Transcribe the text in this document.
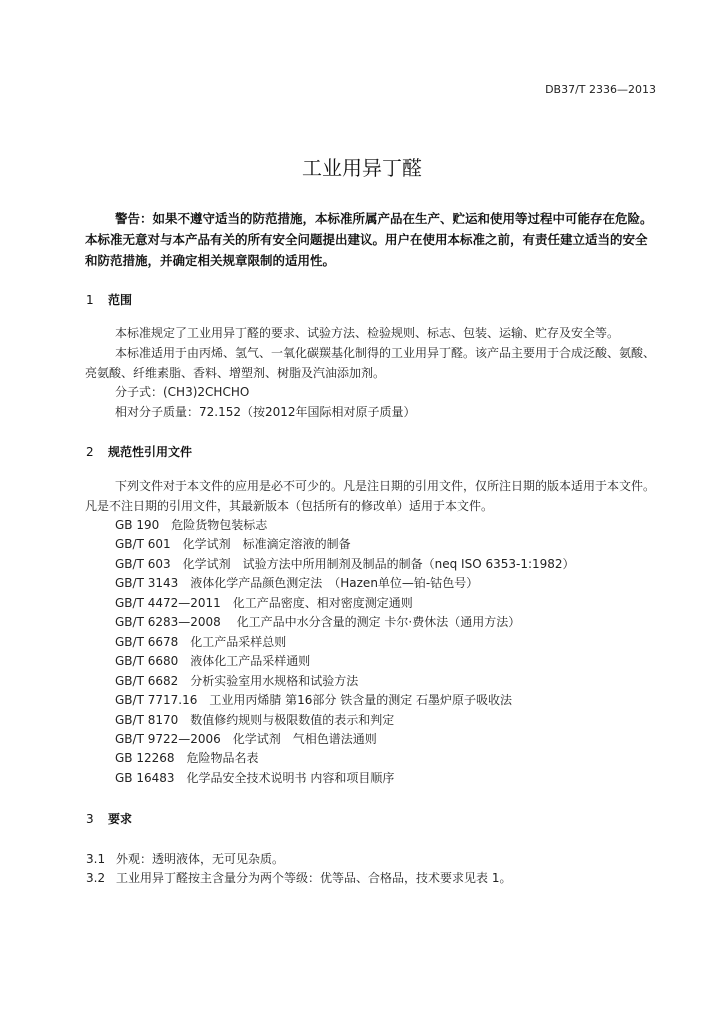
DB37/T 2336—2013
工业用异丁醛
警告：如果不遵守适当的防范措施，本标准所属产品在生产、贮运和使用等过程中可能存在危险。本标准无意对与本产品有关的所有安全问题提出建议。用户在使用本标准之前，有责任建立适当的安全和防范措施，并确定相关规章限制的适用性。
1 范围
本标准规定了工业用异丁醛的要求、试验方法、检验规则、标志、包装、运输、贮存及安全等。
本标准适用于由丙烯、氢气、一氧化碳羰基化制得的工业用异丁醛。该产品主要用于合成泛酸、氨酸、亮氨酸、纤维素脂、香料、增塑剂、树脂及汽油添加剂。
分子式：(CH3)2CHCHO
相对分子质量：72.152（按2012年国际相对原子质量）
2 规范性引用文件
下列文件对于本文件的应用是必不可少的。凡是注日期的引用文件，仅所注日期的版本适用于本文件。凡是不注日期的引用文件，其最新版本（包括所有的修改单）适用于本文件。
GB 190　危险货物包装标志
GB/T 601　化学试剂　标准滴定溶液的制备
GB/T 603　化学试剂　试验方法中所用制剂及制品的制备（neq ISO 6353-1:1982）
GB/T 3143　液体化学产品颜色测定法　（Hazen单位—铂-钴色号）
GB/T 4472—2011　化工产品密度、相对密度测定通则
GB/T 6283—2008　 化工产品中水分含量的测定 卡尔·费休法（通用方法）
GB/T 6678　化工产品采样总则
GB/T 6680　液体化工产品采样通则
GB/T 6682　分析实验室用水规格和试验方法
GB/T 7717.16　工业用丙烯腈 第16部分 铁含量的测定 石墨炉原子吸收法
GB/T 8170　数值修约规则与极限数值的表示和判定
GB/T 9722—2006　化学试剂　气相色谱法通则
GB 12268　危险物品名表
GB 16483　化学品安全技术说明书 内容和项目顺序
3 要求
3.1 外观：透明液体，无可见杂质。
3.2 工业用异丁醛按主含量分为两个等级：优等品、合格品，技术要求见表 1。
